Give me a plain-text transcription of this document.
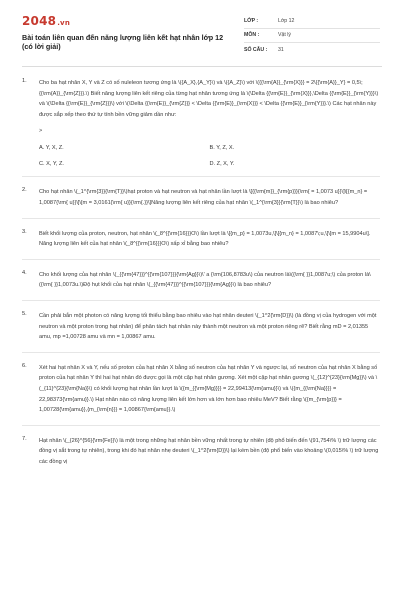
2048.vn
Bài toán liên quan đến năng lượng liên kết hạt nhân lớp 12 (có lời giải)
LỚP :	Lớp 12
MÔN :	Vật lý
SỐ CÂU :	31
1. Cho ba hạt nhân X, Y và Z có số nuleleon tương ứng là \({A_X},{A_Y}\) và \({A_Z}\) với \({{\rm{A}}_{\rm{X}}} = 2\{{\rm{A}}_Y} = 0,5\;{{\rm{A}}_{\rm{Z}}}.\) Biết năng lượng liên kết riêng của từng hạt nhân tương ứng là \(\Delta {{\rm{E}}_{\rm{X}}},\Delta {{\rm{E}}_{\rm{Y}}}\) và \(\Delta {{\rm{E}}_{\rm{Z}}}\) với \(\Delta {{\rm{E}}_{\rm{Z}}} < \Delta {{\rm{E}}_{\rm{X}}} < \Delta {{\rm{E}}_{\rm{Y}}}.\) Các hạt nhân này được sắp xếp theo thứ tự tính bền vững giảm dần như:
>
A. Y, X, Z.	B. Y, Z, X.
C. X, Y, Z.	D. Z, X, Y.
2. Cho hạt nhân \(_1^{\rm{3}}{\rm{T}}\)hạt proton và hạt neutron và hạt nhân lần lượt là \[{{\rm{m}}_{\rm{p}}}{\rm{ = 1,0073 u}}\]\[{m_n} = 1,0087{\rm{ u}}\]\[m = 3,0161{\rm{ u}}{\rm{.}}\]Năng lượng liên kết riêng của hạt nhân \(_1^{\rm{3}}{\rm{T}}\) là bao nhiêu?
3. Biết khối lượng của proton, neutron, hạt nhân \(_8^{{\rm{16}}}O\) lần lượt là \[{m_p} = 1,0073u,\]\[{m_n} = 1,0087\;u,\]\[m = 15,9904u\]. Năng lượng liên kết của hạt nhân \(_8^{{\rm{16}}}O\) xấp xỉ bằng bao nhiêu?
4. Cho khối lượng của hạt nhân \(_{{\rm{47}}}^{{\rm{107}}}{\rm{Ag}}\)\' a {\rm{106,8783u\) của neutron là\({\rm{ }}1,0087u;\) của proton là\({\rm{ }}1,0073u.\)Độ hụt khối của hạt nhân \(_{{\rm{47}}}^{{\rm{107}}}{\rm{Ag}}\) là bao nhiêu?
5. Cần phải bắn một photon có năng lượng tối thiểu bằng bao nhiêu vào hạt nhân deuteri \(_1^2{\rm{D}}\) (là đồng vị của hydrogen với một neutron và một proton trong hạt nhân) để phân tách hạt nhân này thành một neutron và một proton riêng rẽ? Biết rằng mD = 2,01355 amu, mp =1,00728 amu và mn = 1,00867 amu.
6. Xét hai hạt nhân X và Y, nếu số proton của hạt nhân X bằng số neutron của hạt nhân Y và ngược lại, số neutron của hạt nhân X bằng số proton của hạt nhân Y thì hai hạt nhân đó được gọi là một cặp hạt nhân gương. Xét một cặp hạt nhân gương \(_{12}^{23}{\rm{Mg}}\) và \(_{11}^{23}{\rm{Na}}\) có khối lượng hạt nhân lần lượt là \({m_{{\rm{Mg}}}} = 22,99413{\rm{amu}}\) và \({m_{{\rm{Na}}}} = 22,98373{\rm{amu}}.\) Hạt nhân nào có năng lượng liên kết lớn hơn và lớn hơn bao nhiêu MeV? Biết rằng \({m_{\rm{p}}} = 1,00728{\rm{amu}},{m_{\rm{n}}} = 1,00867{\rm{amu}}.\)
7. Hạt nhân \(_{26}^{56}{\rm{Fe}}\) là một trong những hạt nhân bền vững nhất trong tự nhiên (độ phổ biến đến \(91,754\% \) trữ lượng các đồng vị sắt trong tự nhiên), trong khi đó hạt nhân nhẹ deuteri \(_1^2{\rm{D}}\) lại kém bền (độ phổ biến vào khoảng \(0,015\% \) trữ lượng các đồng vị
